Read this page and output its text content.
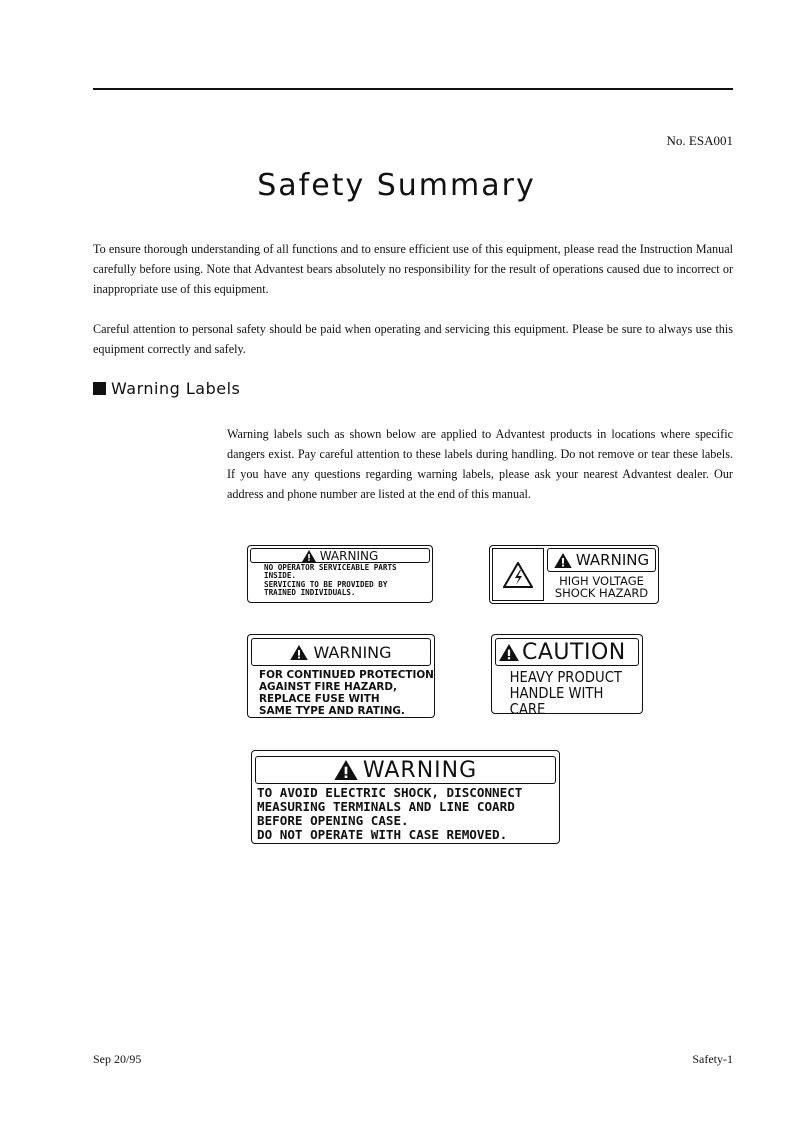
No. ESA001
Safety Summary

To ensure thorough understanding of all functions and to ensure efficient use of this equipment, please read the Instruction Manual carefully before using. Note that Advantest bears absolutely no responsibility for the result of operations caused due to incorrect or inappropriate use of this equipment.

Careful attention to personal safety should be paid when operating and servicing this equipment. Please be sure to always use this equipment correctly and safely.

Warning Labels

Warning labels such as shown below are applied to Advantest products in locations where specific dangers exist. Pay careful attention to these labels during handling. Do not remove or tear these labels. If you have any questions regarding warning labels, please ask your nearest Advantest dealer. Our address and phone number are listed at the end of this manual.

WARNING
NO OPERATOR SERVICEABLE PARTS
INSIDE.
SERVICING TO BE PROVIDED BY
TRAINED INDIVIDUALS.
WARNING
HIGH VOLTAGE
SHOCK HAZARD
WARNING
FOR CONTINUED PROTECTION
AGAINST FIRE HAZARD,
REPLACE FUSE WITH
SAME TYPE AND RATING.
CAUTION
HEAVY PRODUCT
HANDLE WITH
CARE
WARNING
TO AVOID ELECTRIC SHOCK, DISCONNECT
MEASURING TERMINALS AND LINE COARD
BEFORE OPENING CASE.
DO NOT OPERATE WITH CASE REMOVED.
Sep 20/95	Safety-1
